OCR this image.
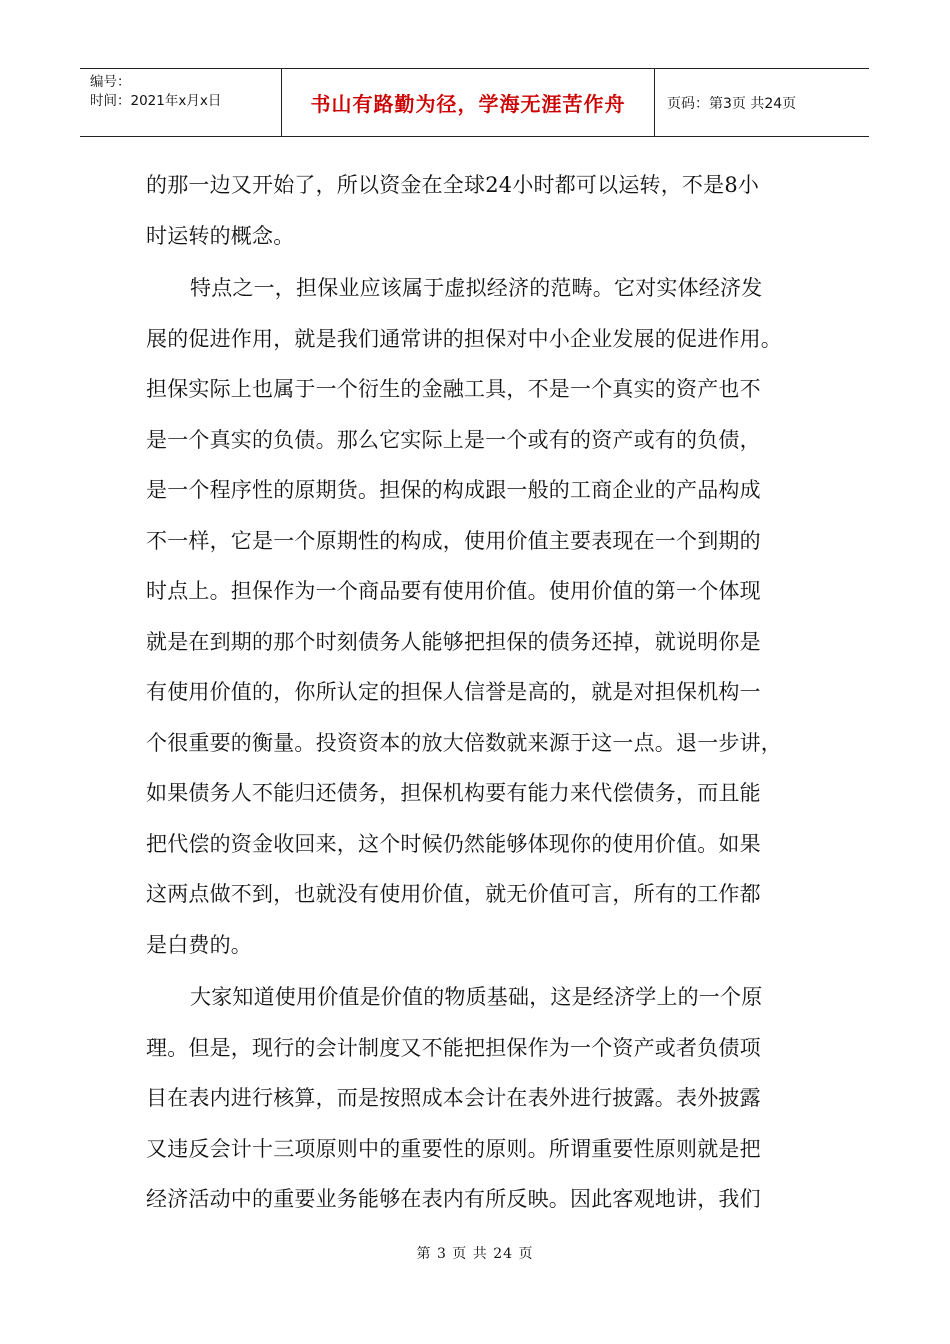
编号：
时间：2021年x月x日	书山有路勤为径，学海无涯苦作舟	页码：第3页 共24页
的那一边又开始了，所以资金在全球24小时都可以运转，不是8小
时运转的概念。
特点之一，担保业应该属于虚拟经济的范畴。它对实体经济发
展的促进作用，就是我们通常讲的担保对中小企业发展的促进作用。
担保实际上也属于一个衍生的金融工具，不是一个真实的资产也不
是一个真实的负债。那么它实际上是一个或有的资产或有的负债，
是一个程序性的原期货。担保的构成跟一般的工商企业的产品构成
不一样，它是一个原期性的构成，使用价值主要表现在一个到期的
时点上。担保作为一个商品要有使用价值。使用价值的第一个体现
就是在到期的那个时刻债务人能够把担保的债务还掉，就说明你是
有使用价值的，你所认定的担保人信誉是高的，就是对担保机构一
个很重要的衡量。投资资本的放大倍数就来源于这一点。退一步讲，
如果债务人不能归还债务，担保机构要有能力来代偿债务，而且能
把代偿的资金收回来，这个时候仍然能够体现你的使用价值。如果
这两点做不到，也就没有使用价值，就无价值可言，所有的工作都
是白费的。
大家知道使用价值是价值的物质基础，这是经济学上的一个原
理。但是，现行的会计制度又不能把担保作为一个资产或者负债项
目在表内进行核算，而是按照成本会计在表外进行披露。表外披露
又违反会计十三项原则中的重要性的原则。所谓重要性原则就是把
经济活动中的重要业务能够在表内有所反映。因此客观地讲，我们
第 3 页 共 24 页
